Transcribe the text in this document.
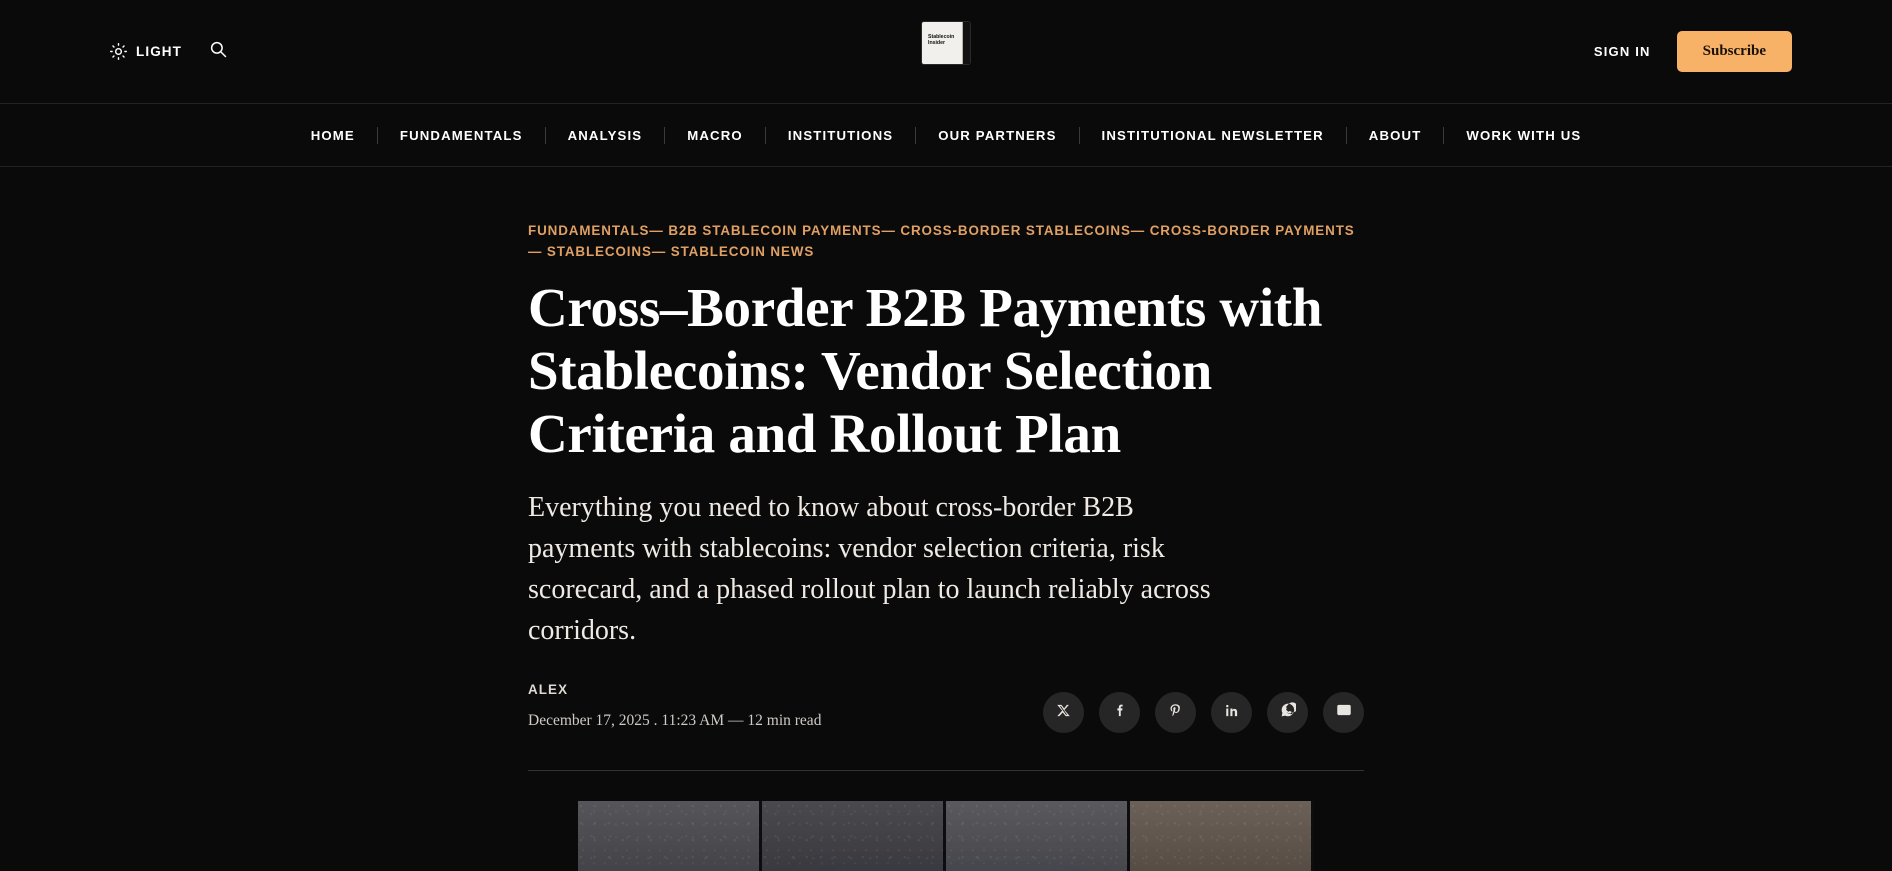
LIGHT
Stablecoin
Insider
SIGN IN	Subscribe
HOME	FUNDAMENTALS	ANALYSIS	MACRO	INSTITUTIONS	OUR PARTNERS	INSTITUTIONAL NEWSLETTER	ABOUT	WORK WITH US
FUNDAMENTALS— B2B STABLECOIN PAYMENTS— CROSS-BORDER STABLECOINS— CROSS-BORDER PAYMENTS— STABLECOINS— STABLECOIN NEWS
Cross–Border B2B Payments with Stablecoins: Vendor Selection Criteria and Rollout Plan

Everything you need to know about cross-border B2B payments with stablecoins: vendor selection criteria, risk scorecard, and a phased rollout plan to launch reliably across corridors.

ALEX
December 17, 2025 . 11:23 AM — 12 min read
